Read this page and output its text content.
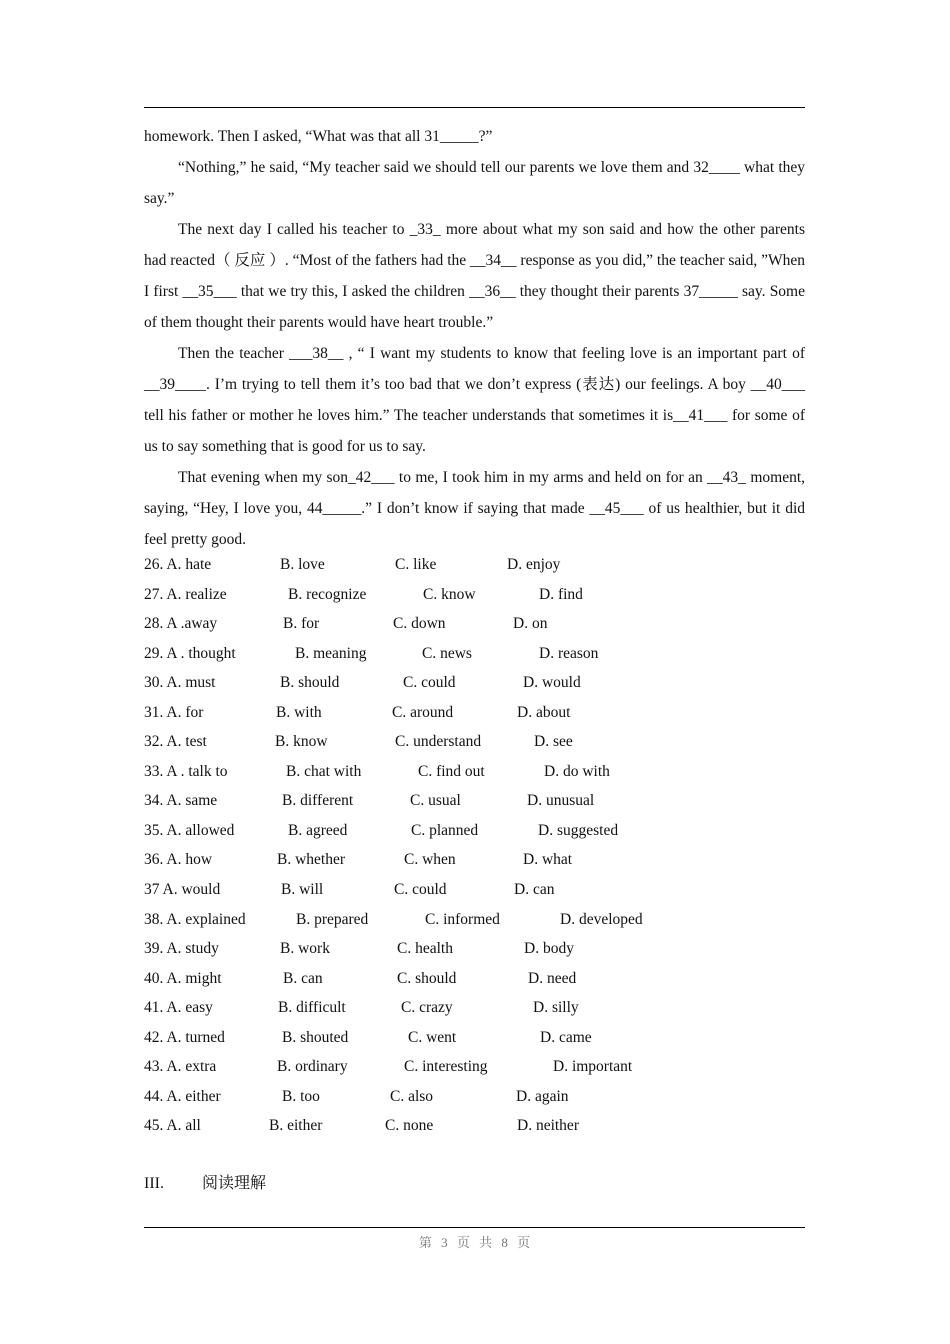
homework. Then I asked, “What was that all 31_____?”

“Nothing,” he said, “My teacher said we should tell our parents we love them and 32____ what they say.”

The next day I called his teacher to _33_ more about what my son said and how the other parents had reacted（ 反应 ）. “Most of the fathers had the __34__ response as you did,” the teacher said, ”When I first __35___ that we try this, I asked the children __36__ they thought their parents 37_____ say. Some of them thought their parents would have heart trouble.”

Then the teacher ___38__ , “ I want my students to know that feeling love is an important part of __39____. I’m trying to tell them it’s too bad that we don’t express (表达) our feelings. A boy __40___ tell his father or mother he loves him.” The teacher understands that sometimes it is__41___ for some of us to say something that is good for us to say.

That evening when my son_42___ to me, I took him in my arms and held on for an __43_ moment, saying, “Hey, I love you, 44_____.” I don’t know if saying that made __45___ of us healthier, but it did feel pretty good.

26. A. hate	B. love	C. like	D. enjoy
27. A. realize	B. recognize	C. know	D. find
28. A .away	B. for	C. down	D. on
29. A . thought	B. meaning	C. news	D. reason
30. A. must	B. should	C. could	D. would
31. A. for	B. with	C. around	D. about
32. A. test	B. know	C. understand	D. see
33. A . talk to	B. chat with	C. find out	D. do with
34. A. same	B. different	C. usual	D. unusual
35. A. allowed	B. agreed	C. planned	D. suggested
36. A. how	B. whether	C. when	D. what
37 A. would	B. will	C. could	D. can
38. A. explained	B. prepared	C. informed	D. developed
39. A. study	B. work	C. health	D. body
40. A. might	B. can	C. should	D. need
41. A. easy	B. difficult	C. crazy	D. silly
42. A. turned	B. shouted	C. went	D. came
43. A. extra	B. ordinary	C. interesting	D. important
44. A. either	B. too	C. also	D. again
45. A. all	B. either	C. none	D. neither
III. 阅读理解
第 3 页 共 8 页
